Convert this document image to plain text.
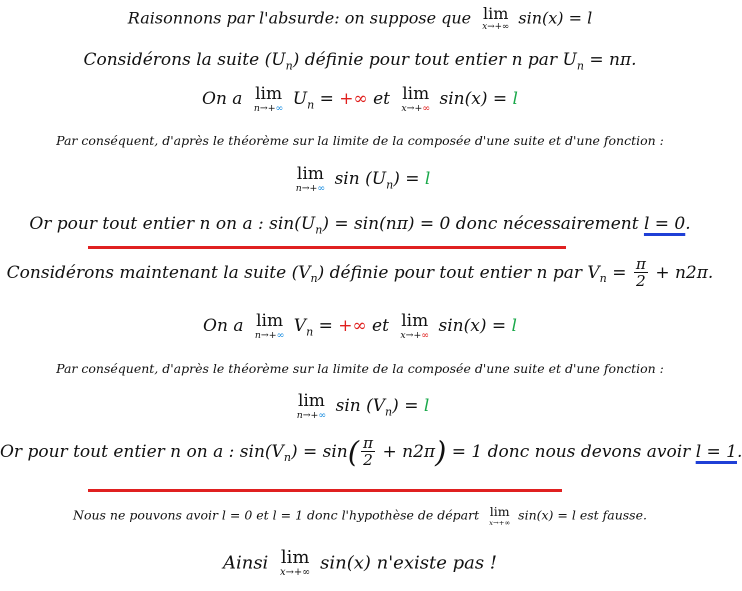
Raisonnons par l'absurde: on suppose que lim
x→+∞ sin(x) = l
Considérons la suite $(U_n)$ définie pour tout entier n par $U_n = n\pi$.
On a lim
n→+∞ $U_n$ = +∞ et lim
x→+∞ sin(x) = l
Par conséquent, d'après le théorème sur la limite de la composée d'une suite et d'une fonction :
lim
n→+∞ $\sin (U_n) = l$
Or pour tout entier n on a : $\sin(U_n) = \sin(n\pi) = 0$ donc nécessairement l = 0.
Considérons maintenant la suite $(V_n)$ définie pour tout entier n par $V_n = \frac{\pi}{2} + n2\pi$.
On a lim
n→+∞ $V_n$ = +∞ et lim
x→+∞ sin(x) = l
Par conséquent, d'après le théorème sur la limite de la composée d'une suite et d'une fonction :
lim
n→+∞ $\sin (V_n) = l$
Or pour tout entier n on a : $\sin(V_n) = \sin( \frac{\pi}{2} + n2\pi) = 1$ donc nous devons avoir l = 1.
Nous ne pouvons avoir l = 0 et l = 1 donc l'hypothèse de départ lim
x→+∞ sin(x) = l est fausse.
Ainsi lim
x→+∞ sin(x) n'existe pas !
